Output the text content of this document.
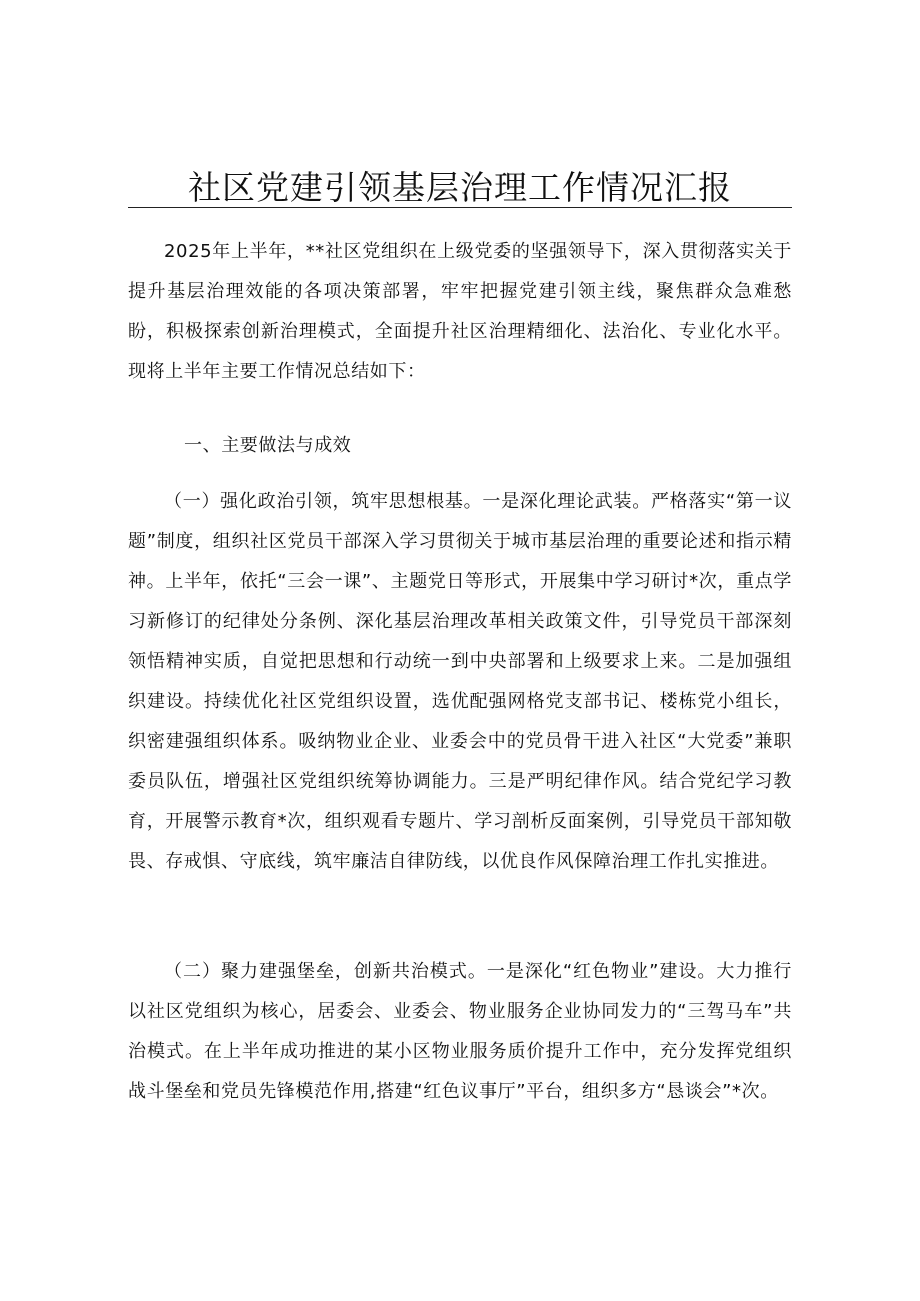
社区党建引领基层治理工作情况汇报

2025年上半年，**社区党组织在上级党委的坚强领导下，深入贯彻落实关于提升基层治理效能的各项决策部署，牢牢把握党建引领主线，聚焦群众急难愁盼，积极探索创新治理模式，全面提升社区治理精细化、法治化、专业化水平。现将上半年主要工作情况总结如下：

一、主要做法与成效

（一）强化政治引领，筑牢思想根基。一是深化理论武装。严格落实“第一议题”制度，组织社区党员干部深入学习贯彻关于城市基层治理的重要论述和指示精神。上半年，依托“三会一课”、主题党日等形式，开展集中学习研讨*次，重点学习新修订的纪律处分条例、深化基层治理改革相关政策文件，引导党员干部深刻领悟精神实质，自觉把思想和行动统一到中央部署和上级要求上来。二是加强组织建设。持续优化社区党组织设置，选优配强网格党支部书记、楼栋党小组长，织密建强组织体系。吸纳物业企业、业委会中的党员骨干进入社区“大党委”兼职委员队伍，增强社区党组织统筹协调能力。三是严明纪律作风。结合党纪学习教育，开展警示教育*次，组织观看专题片、学习剖析反面案例，引导党员干部知敬畏、存戒惧、守底线，筑牢廉洁自律防线，以优良作风保障治理工作扎实推进。

（二）聚力建强堡垒，创新共治模式。一是深化“红色物业”建设。大力推行以社区党组织为核心，居委会、业委会、物业服务企业协同发力的“三驾马车”共治模式。在上半年成功推进的某小区物业服务质价提升工作中，充分发挥党组织战斗堡垒和党员先锋模范作用,搭建“红色议事厅”平台，组织多方“恳谈会”*次。
